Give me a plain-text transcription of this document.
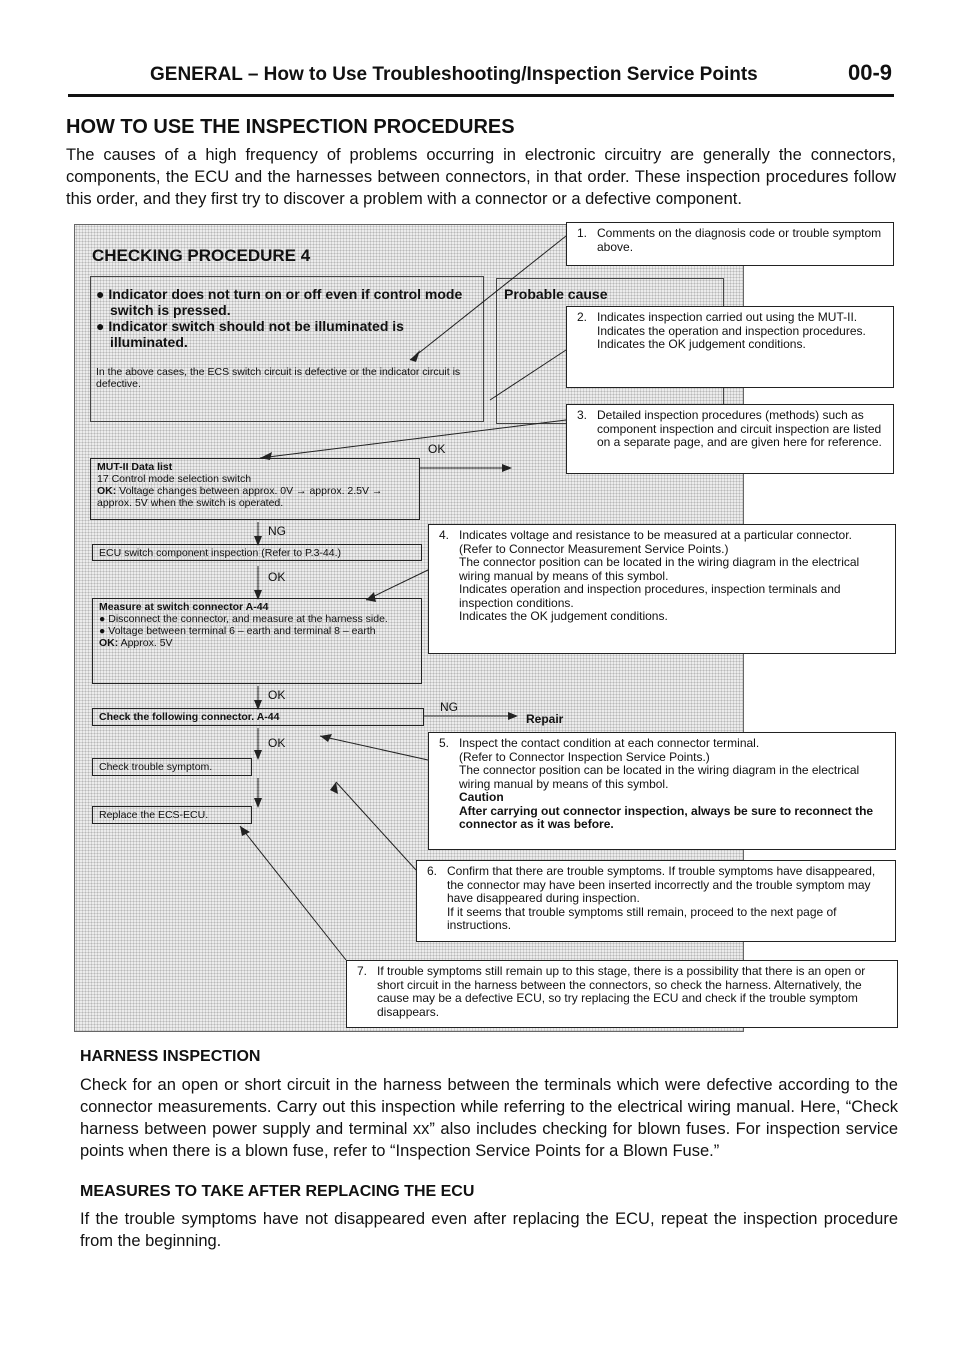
GENERAL – How to Use Troubleshooting/Inspection Service Points	00-9
HOW TO USE THE INSPECTION PROCEDURES
The causes of a high frequency of problems occurring in electronic circuitry are generally the connectors, components, the ECU and the harnesses between connectors, in that order. These inspection procedures follow this order, and they first try to discover a problem with a connector or a defective component.
CHECKING PROCEDURE 4
● Indicator does not turn on or off even if control mode switch is pressed.
● Indicator switch should not be illuminated is illuminated.
In the above cases, the ECS switch circuit is defective or the indicator circuit is defective.
Probable cause
MUT-II Data list
17 Control mode selection switch
OK: Voltage changes between approx. 0V → approx. 2.5V → approx. 5V when the switch is operated.
ECU switch component inspection (Refer to P.3-44.)
Measure at switch connector A-44
● Disconnect the connector, and measure at the harness side.
● Voltage between terminal 6 – earth and terminal 8 – earth
OK: Approx. 5V
Check the following connector. A-44
Check trouble symptom.
Replace the ECS-ECU.
OK
NG
OK
OK
NG
Repair
OK
1. Comments on the diagnosis code or trouble symptom above.

2. Indicates inspection carried out using the MUT-II.

Indicates the operation and inspection procedures.

Indicates the OK judgement conditions.

3. Detailed inspection procedures (methods) such as component inspection and circuit inspection are listed on a separate page, and are given here for reference.

4. Indicates voltage and resistance to be measured at a particular connector.

(Refer to Connector Measurement Service Points.)

The connector position can be located in the wiring diagram in the electrical wiring manual by means of this symbol.

Indicates operation and inspection procedures, inspection terminals and inspection conditions.

Indicates the OK judgement conditions.

5. Inspect the contact condition at each connector terminal.

(Refer to Connector Inspection Service Points.)

The connector position can be located in the wiring diagram in the electrical wiring manual by means of this symbol.

Caution

After carrying out connector inspection, always be sure to reconnect the connector as it was before.

6. Confirm that there are trouble symptoms. If trouble symptoms have disappeared, the connector may have been inserted incorrectly and the trouble symptom may have disappeared during inspection.

If it seems that trouble symptoms still remain, proceed to the next page of instructions.

7. If trouble symptoms still remain up to this stage, there is a possibility that there is an open or short circuit in the harness between the connectors, so check the harness. Alternatively, the cause may be a defective ECU, so try replacing the ECU and check if the trouble symptom disappears.

HARNESS INSPECTION
Check for an open or short circuit in the harness between the terminals which were defective according to the connector measurements. Carry out this inspection while referring to the electrical wiring manual. Here, “Check harness between power supply and terminal xx” also includes checking for blown fuses. For inspection service points when there is a blown fuse, refer to “Inspection Service Points for a Blown Fuse.”
MEASURES TO TAKE AFTER REPLACING THE ECU
If the trouble symptoms have not disappeared even after replacing the ECU, repeat the inspection procedure from the beginning.
